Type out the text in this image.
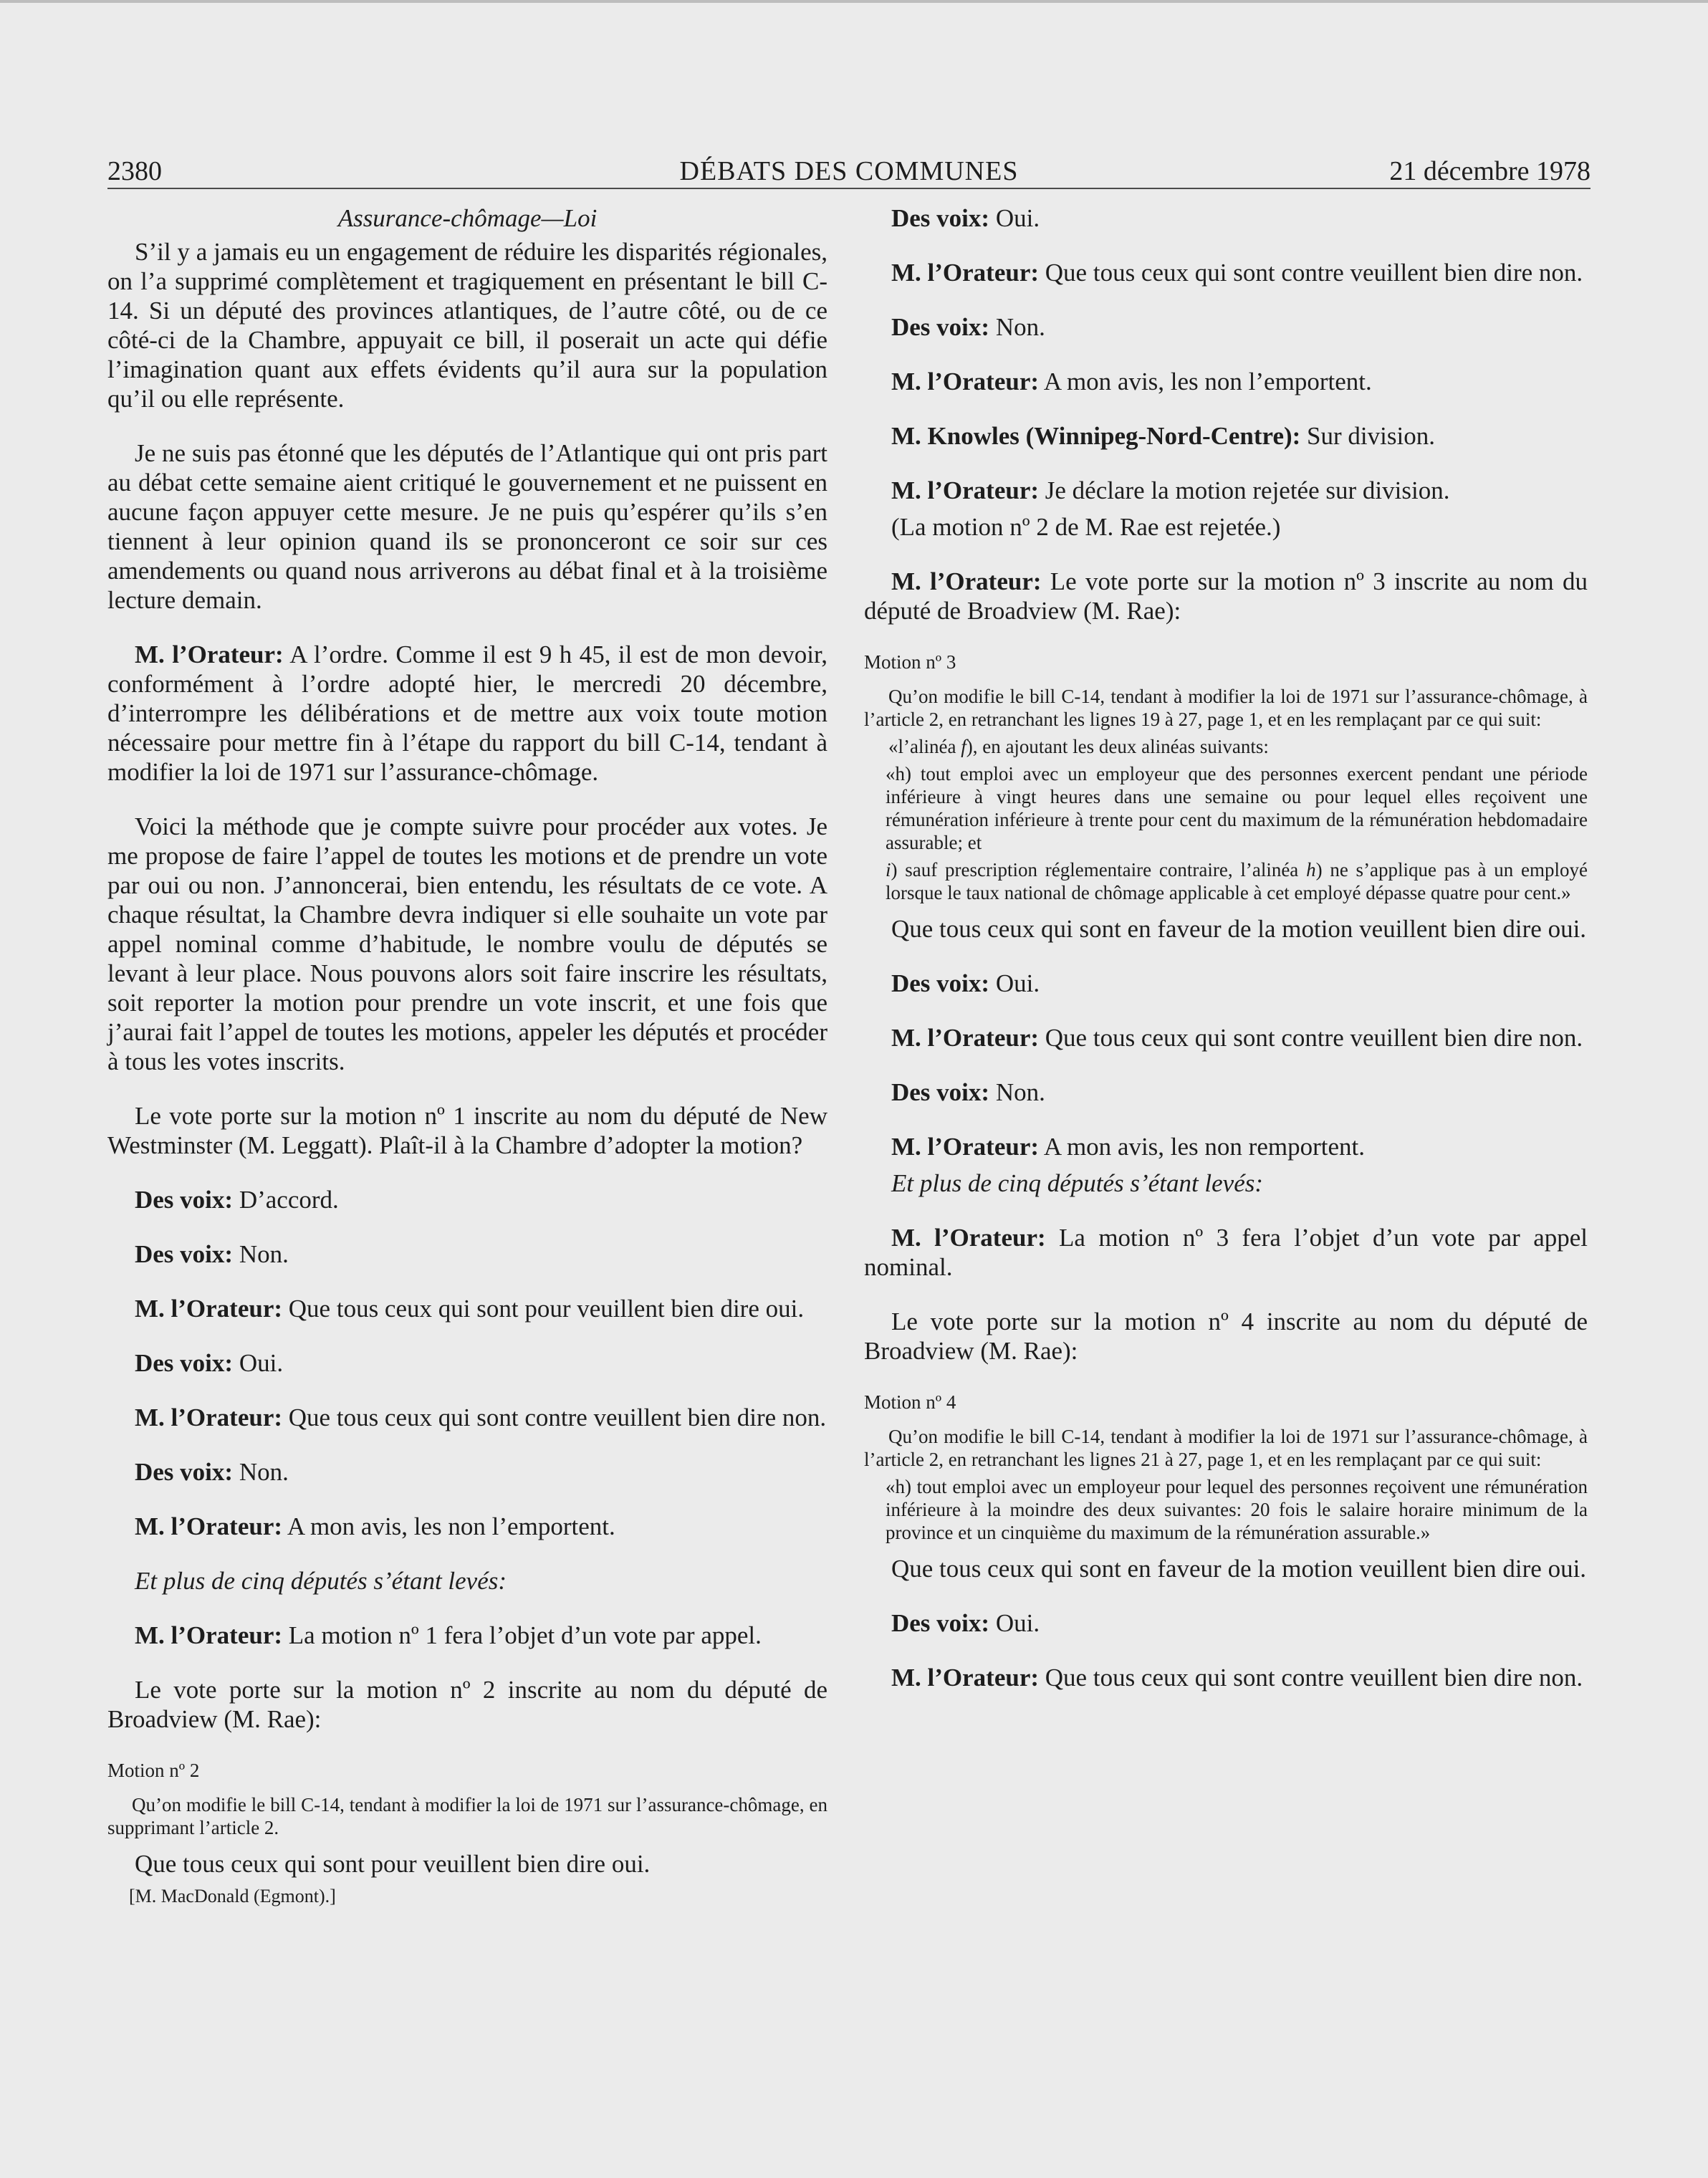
2380	DÉBATS DES COMMUNES	21 décembre 1978

Assurance-chômage—Loi

S’il y a jamais eu un engagement de réduire les disparités régionales, on l’a supprimé complètement et tragiquement en présentant le bill C-14. Si un député des provinces atlantiques, de l’autre côté, ou de ce côté-ci de la Chambre, appuyait ce bill, il poserait un acte qui défie l’imagination quant aux effets évidents qu’il aura sur la population qu’il ou elle représente.

Je ne suis pas étonné que les députés de l’Atlantique qui ont pris part au débat cette semaine aient critiqué le gouvernement et ne puissent en aucune façon appuyer cette mesure. Je ne puis qu’espérer qu’ils s’en tiennent à leur opinion quand ils se prononceront ce soir sur ces amendements ou quand nous arriverons au débat final et à la troisième lecture demain.

M. l’Orateur: A l’ordre. Comme il est 9 h 45, il est de mon devoir, conformément à l’ordre adopté hier, le mercredi 20 décembre, d’interrompre les délibérations et de mettre aux voix toute motion nécessaire pour mettre fin à l’étape du rapport du bill C-14, tendant à modifier la loi de 1971 sur l’assurance-chômage.

Voici la méthode que je compte suivre pour procéder aux votes. Je me propose de faire l’appel de toutes les motions et de prendre un vote par oui ou non. J’annoncerai, bien entendu, les résultats de ce vote. A chaque résultat, la Chambre devra indiquer si elle souhaite un vote par appel nominal comme d’habitude, le nombre voulu de députés se levant à leur place. Nous pouvons alors soit faire inscrire les résultats, soit reporter la motion pour prendre un vote inscrit, et une fois que j’aurai fait l’appel de toutes les motions, appeler les députés et procéder à tous les votes inscrits.

Le vote porte sur la motion nº 1 inscrite au nom du député de New Westminster (M. Leggatt). Plaît-il à la Chambre d’adopter la motion?

Des voix: D’accord.

Des voix: Non.

M. l’Orateur: Que tous ceux qui sont pour veuillent bien dire oui.

Des voix: Oui.

M. l’Orateur: Que tous ceux qui sont contre veuillent bien dire non.

Des voix: Non.

M. l’Orateur: A mon avis, les non l’emportent.

Et plus de cinq députés s’étant levés:

M. l’Orateur: La motion nº 1 fera l’objet d’un vote par appel.

Le vote porte sur la motion nº 2 inscrite au nom du député de Broadview (M. Rae):

Motion nº 2

Qu’on modifie le bill C-14, tendant à modifier la loi de 1971 sur l’assurance-chômage, en supprimant l’article 2.

Que tous ceux qui sont pour veuillent bien dire oui.

[M. MacDonald (Egmont).]

Des voix: Oui.

M. l’Orateur: Que tous ceux qui sont contre veuillent bien dire non.

Des voix: Non.

M. l’Orateur: A mon avis, les non l’emportent.

M. Knowles (Winnipeg-Nord-Centre): Sur division.

M. l’Orateur: Je déclare la motion rejetée sur division.

(La motion nº 2 de M. Rae est rejetée.)

M. l’Orateur: Le vote porte sur la motion nº 3 inscrite au nom du député de Broadview (M. Rae):

Motion nº 3

Qu’on modifie le bill C-14, tendant à modifier la loi de 1971 sur l’assurance-chômage, à l’article 2, en retranchant les lignes 19 à 27, page 1, et en les remplaçant par ce qui suit:

«l’alinéa f), en ajoutant les deux alinéas suivants:

«h) tout emploi avec un employeur que des personnes exercent pendant une période inférieure à vingt heures dans une semaine ou pour lequel elles reçoivent une rémunération inférieure à trente pour cent du maximum de la rémunération hebdomadaire assurable; et

i) sauf prescription réglementaire contraire, l’alinéa h) ne s’applique pas à un employé lorsque le taux national de chômage applicable à cet employé dépasse quatre pour cent.»

Que tous ceux qui sont en faveur de la motion veuillent bien dire oui.

Des voix: Oui.

M. l’Orateur: Que tous ceux qui sont contre veuillent bien dire non.

Des voix: Non.

M. l’Orateur: A mon avis, les non remportent.

Et plus de cinq députés s’étant levés:

M. l’Orateur: La motion nº 3 fera l’objet d’un vote par appel nominal.

Le vote porte sur la motion nº 4 inscrite au nom du député de Broadview (M. Rae):

Motion nº 4

Qu’on modifie le bill C-14, tendant à modifier la loi de 1971 sur l’assurance-chômage, à l’article 2, en retranchant les lignes 21 à 27, page 1, et en les remplaçant par ce qui suit:

«h) tout emploi avec un employeur pour lequel des personnes reçoivent une rémunération inférieure à la moindre des deux suivantes: 20 fois le salaire horaire minimum de la province et un cinquième du maximum de la rémunération assurable.»

Que tous ceux qui sont en faveur de la motion veuillent bien dire oui.

Des voix: Oui.

M. l’Orateur: Que tous ceux qui sont contre veuillent bien dire non.
